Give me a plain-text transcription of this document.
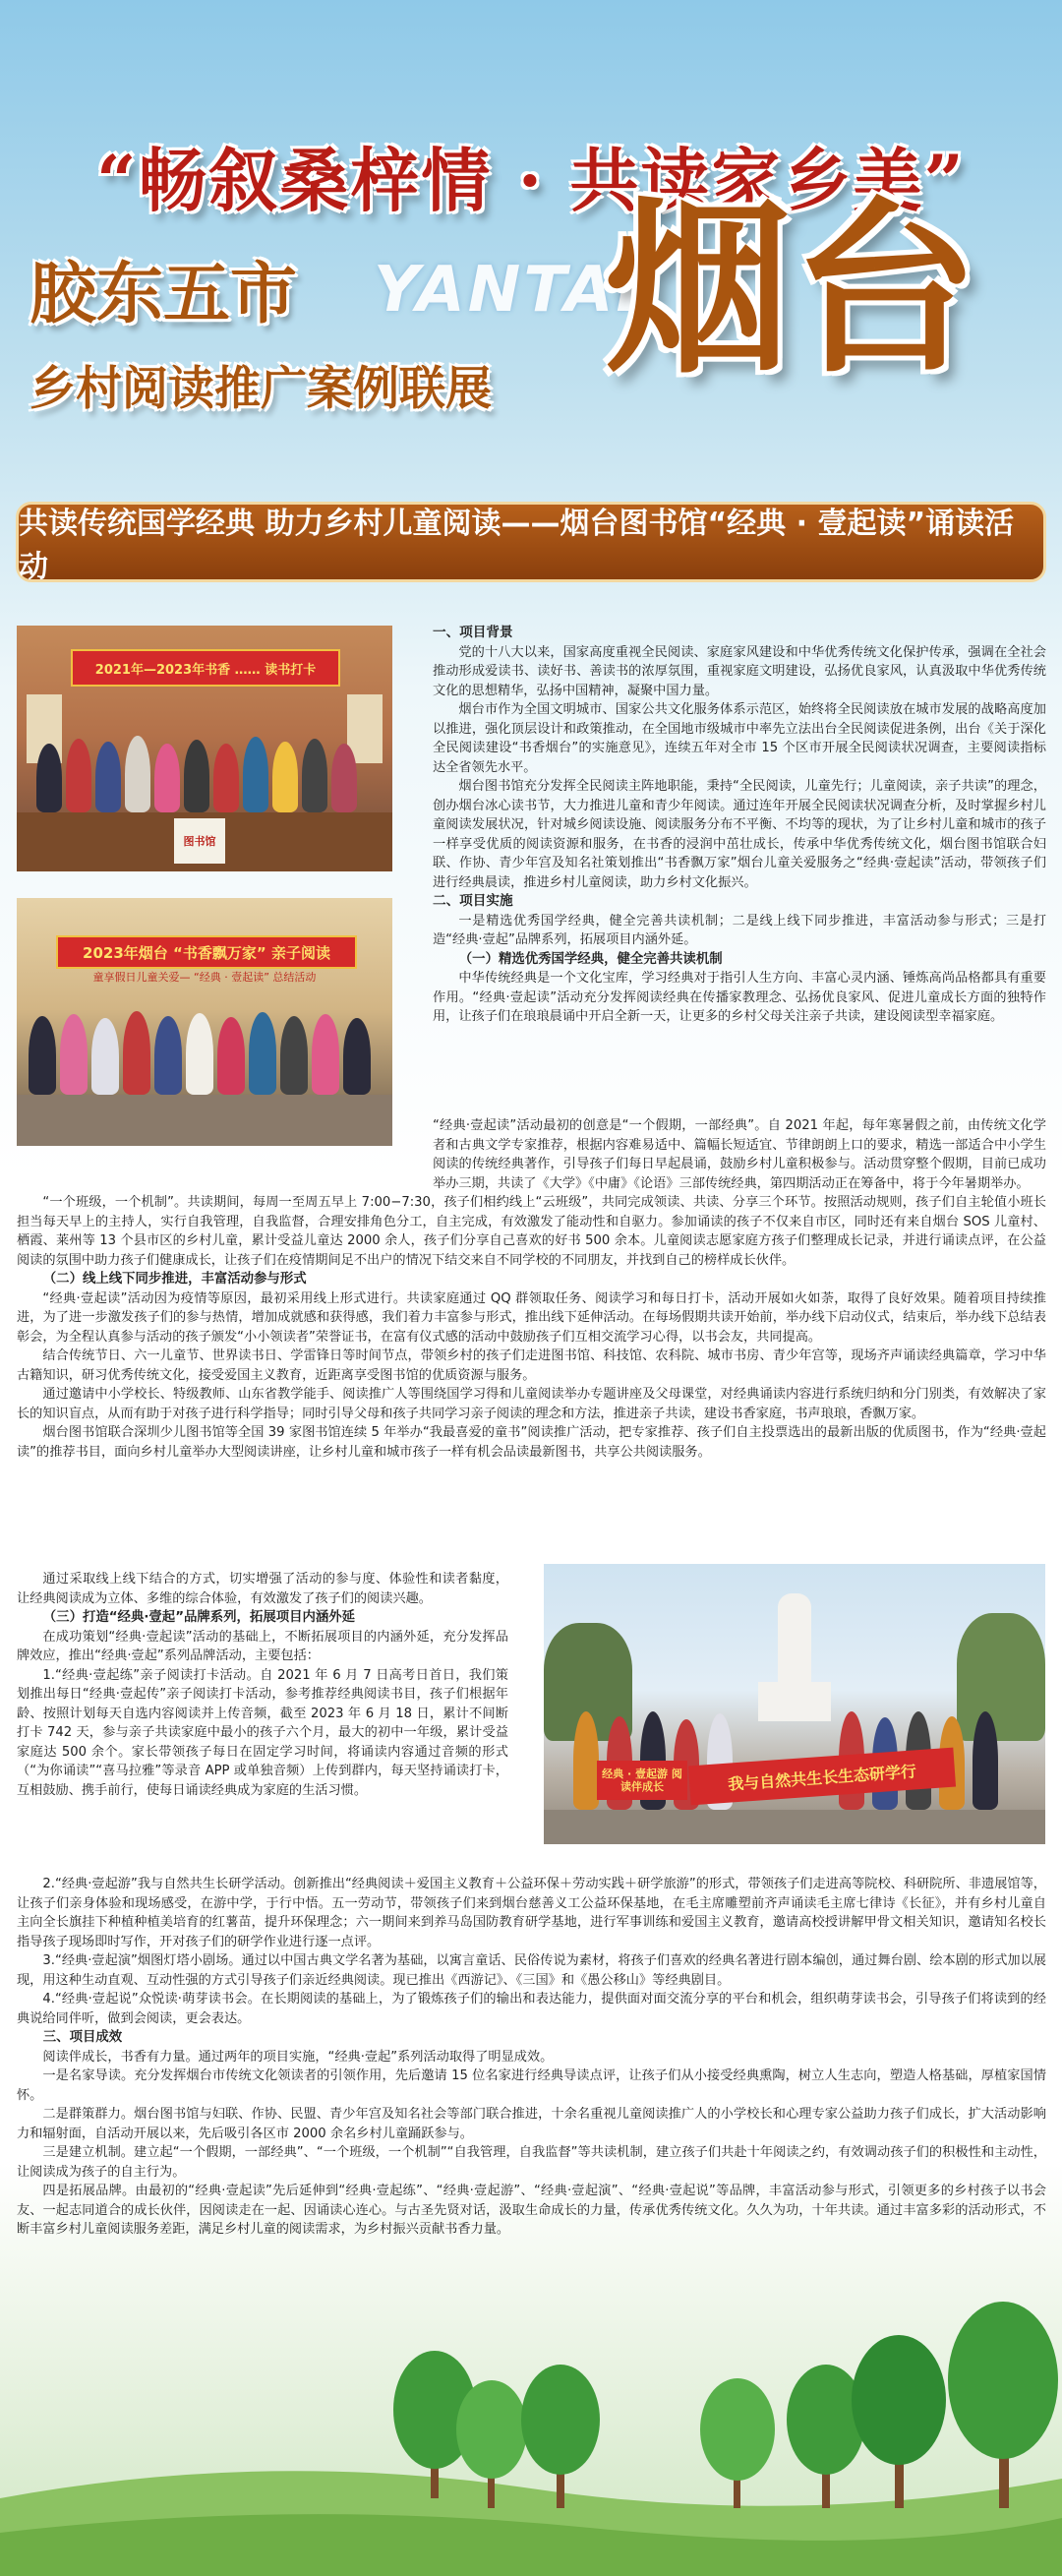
“畅叙桑梓情 · 共读家乡美”
胶东五市 YANTAI
乡村阅读推广案例联展 烟台
共读传统国学经典 助力乡村儿童阅读——烟台图书馆“经典 · 壹起读”诵读活动
2021年—2023年书香 …… 读书打卡
图书馆
2023年烟台 “书香飘万家” 亲子阅读
童享假日儿童关爱— “经典 · 壹起读” 总结活动
一、项目背景

党的十八大以来，国家高度重视全民阅读、家庭家风建设和中华优秀传统文化保护传承，强调在全社会推动形成爱读书、读好书、善读书的浓厚氛围，重视家庭文明建设，弘扬优良家风，认真汲取中华优秀传统文化的思想精华，弘扬中国精神，凝聚中国力量。

烟台市作为全国文明城市、国家公共文化服务体系示范区，始终将全民阅读放在城市发展的战略高度加以推进，强化顶层设计和政策推动，在全国地市级城市中率先立法出台全民阅读促进条例，出台《关于深化全民阅读建设“书香烟台”的实施意见》，连续五年对全市 15 个区市开展全民阅读状况调查，主要阅读指标达全省领先水平。

烟台图书馆充分发挥全民阅读主阵地职能，秉持“全民阅读，儿童先行；儿童阅读，亲子共读”的理念，创办烟台冰心读书节，大力推进儿童和青少年阅读。通过连年开展全民阅读状况调查分析，及时掌握乡村儿童阅读发展状况，针对城乡阅读设施、阅读服务分布不平衡、不均等的现状，为了让乡村儿童和城市的孩子一样享受优质的阅读资源和服务，在书香的浸润中茁壮成长，传承中华优秀传统文化，烟台图书馆联合妇联、作协、青少年宫及知名社策划推出“书香飘万家”烟台儿童关爱服务之“经典·壹起读”活动，带领孩子们进行经典晨读，推进乡村儿童阅读，助力乡村文化振兴。

二、项目实施

一是精选优秀国学经典，健全完善共读机制；二是线上线下同步推进，丰富活动参与形式；三是打造“经典·壹起”品牌系列，拓展项目内涵外延。

（一）精选优秀国学经典，健全完善共读机制

中华传统经典是一个文化宝库，学习经典对于指引人生方向、丰富心灵内涵、锤炼高尚品格都具有重要作用。“经典·壹起读”活动充分发挥阅读经典在传播家教理念、弘扬优良家风、促进儿童成长方面的独特作用，让孩子们在琅琅晨诵中开启全新一天，让更多的乡村父母关注亲子共读，建设阅读型幸福家庭。

“经典·壹起读”活动最初的创意是“一个假期，一部经典”。自 2021 年起，每年寒暑假之前，由传统文化学者和古典文学专家推荐，根据内容难易适中、篇幅长短适宜、节律朗朗上口的要求，精选一部适合中小学生阅读的传统经典著作，引导孩子们每日早起晨诵，鼓励乡村儿童积极参与。活动贯穿整个假期，目前已成功举办三期，共读了《大学》《中庸》《论语》三部传统经典，第四期活动正在筹备中，将于今年暑期举办。

“一个班级，一个机制”。共读期间，每周一至周五早上 7:00−7:30，孩子们相约线上“云班级”，共同完成领读、共读、分享三个环节。按照活动规则，孩子们自主轮值小班长担当每天早上的主持人，实行自我管理，自我监督，合理安排角色分工，自主完成，有效激发了能动性和自驱力。参加诵读的孩子不仅来自市区，同时还有来自烟台 SOS 儿童村、栖霞、莱州等 13 个县市区的乡村儿童，累计受益儿童达 2000 余人，孩子们分享自己喜欢的好书 500 余本。儿童阅读志愿家庭方孩子们整理成长记录，并进行诵读点评，在公益阅读的氛围中助力孩子们健康成长，让孩子们在疫情期间足不出户的情况下结交来自不同学校的不同朋友，并找到自己的榜样成长伙伴。

（二）线上线下同步推进，丰富活动参与形式

“经典·壹起读”活动因为疫情等原因，最初采用线上形式进行。共读家庭通过 QQ 群领取任务、阅读学习和每日打卡，活动开展如火如荼，取得了良好效果。随着项目持续推进，为了进一步激发孩子们的参与热情，增加成就感和获得感，我们着力丰富参与形式，推出线下延伸活动。在每场假期共读开始前，举办线下启动仪式，结束后，举办线下总结表彰会，为全程认真参与活动的孩子颁发“小小领读者”荣誉证书，在富有仪式感的活动中鼓励孩子们互相交流学习心得，以书会友，共同提高。

结合传统节日、六一儿童节、世界读书日、学雷锋日等时间节点，带领乡村的孩子们走进图书馆、科技馆、农科院、城市书房、青少年宫等，现场齐声诵读经典篇章，学习中华古籍知识，研习优秀传统文化，接受爱国主义教育，近距离享受图书馆的优质资源与服务。

通过邀请中小学校长、特级教师、山东省教学能手、阅读推广人等围绕国学习得和儿童阅读举办专题讲座及父母课堂，对经典诵读内容进行系统归纳和分门别类，有效解决了家长的知识盲点，从而有助于对孩子进行科学指导；同时引导父母和孩子共同学习亲子阅读的理念和方法，推进亲子共读，建设书香家庭，书声琅琅，香飘万家。

烟台图书馆联合深圳少儿图书馆等全国 39 家图书馆连续 5 年举办“我最喜爱的童书”阅读推广活动，把专家推荐、孩子们自主投票选出的最新出版的优质图书，作为“经典·壹起读”的推荐书目，面向乡村儿童举办大型阅读讲座，让乡村儿童和城市孩子一样有机会品读最新图书，共享公共阅读服务。

通过采取线上线下结合的方式，切实增强了活动的参与度、体验性和读者黏度，让经典阅读成为立体、多维的综合体验，有效激发了孩子们的阅读兴趣。

（三）打造“经典·壹起”品牌系列，拓展项目内涵外延

在成功策划“经典·壹起读”活动的基础上，不断拓展项目的内涵外延，充分发挥品牌效应，推出“经典·壹起”系列品牌活动，主要包括：

1.“经典·壹起练”亲子阅读打卡活动。自 2021 年 6 月 7 日高考日首日，我们策划推出每日“经典·壹起传”亲子阅读打卡活动，参考推荐经典阅读书目，孩子们根据年龄、按照计划每天自选内容阅读并上传音频，截至 2023 年 6 月 18 日，累计不间断打卡 742 天，参与亲子共读家庭中最小的孩子六个月，最大的初中一年级，累计受益家庭达 500 余个。家长带领孩子每日在固定学习时间，将诵读内容通过音频的形式（“为你诵读”“喜马拉雅”等录音 APP 或单独音频）上传到群内，每天坚持诵读打卡，互相鼓励、携手前行，使每日诵读经典成为家庭的生活习惯。

经典 · 壹起游 阅读伴成长	我与自然共生长生态研学行

2.“经典·壹起游”我与自然共生长研学活动。创新推出“经典阅读＋爱国主义教育＋公益环保＋劳动实践＋研学旅游”的形式，带领孩子们走进高等院校、科研院所、非遗展馆等，让孩子们亲身体验和现场感受，在游中学，于行中悟。五一劳动节，带领孩子们来到烟台慈善义工公益环保基地，在毛主席雕塑前齐声诵读毛主席七律诗《长征》，并有乡村儿童自主向全长旗挂下种植种植美培育的红薯苗，提升环保理念；六一期间来到养马岛国防教育研学基地，进行军事训练和爱国主义教育，邀请高校授讲解甲骨文相关知识，邀请知名校长指导孩子现场即时写作，开对孩子们的研学作业进行逐一点评。

3.“经典·壹起演”烟图灯塔小剧场。通过以中国古典文学名著为基础，以寓言童话、民俗传说为素材，将孩子们喜欢的经典名著进行剧本编创，通过舞台剧、绘本剧的形式加以展现，用这种生动直观、互动性强的方式引导孩子们亲近经典阅读。现已推出《西游记》、《三国》和《愚公移山》等经典剧目。

4.“经典·壹起说”众悦读·萌芽读书会。在长期阅读的基础上，为了锻炼孩子们的输出和表达能力，提供面对面交流分享的平台和机会，组织萌芽读书会，引导孩子们将读到的经典说给同伴听，做到会阅读，更会表达。

三、项目成效

阅读伴成长，书香有力量。通过两年的项目实施，“经典·壹起”系列活动取得了明显成效。

一是名家导读。充分发挥烟台市传统文化领读者的引领作用，先后邀请 15 位名家进行经典导读点评，让孩子们从小接受经典熏陶，树立人生志向，塑造人格基础，厚植家国情怀。

二是群策群力。烟台图书馆与妇联、作协、民盟、青少年宫及知名社会等部门联合推进，十余名重视儿童阅读推广人的小学校长和心理专家公益助力孩子们成长，扩大活动影响力和辐射面，自活动开展以来，先后吸引各区市 2000 余名乡村儿童踊跃参与。

三是建立机制。建立起“一个假期，一部经典”、“一个班级，一个机制”“自我管理，自我监督”等共读机制，建立孩子们共赴十年阅读之约，有效调动孩子们的积极性和主动性，让阅读成为孩子的自主行为。

四是拓展品牌。由最初的“经典·壹起读”先后延伸到“经典·壹起练”、“经典·壹起游”、“经典·壹起演”、“经典·壹起说”等品牌，丰富活动参与形式，引领更多的乡村孩子以书会友、一起志同道合的成长伙伴，因阅读走在一起、因诵读心连心。与古圣先贤对话，汲取生命成长的力量，传承优秀传统文化。久久为功，十年共读。通过丰富多彩的活动形式，不断丰富乡村儿童阅读服务差距，满足乡村儿童的阅读需求，为乡村振兴贡献书香力量。
